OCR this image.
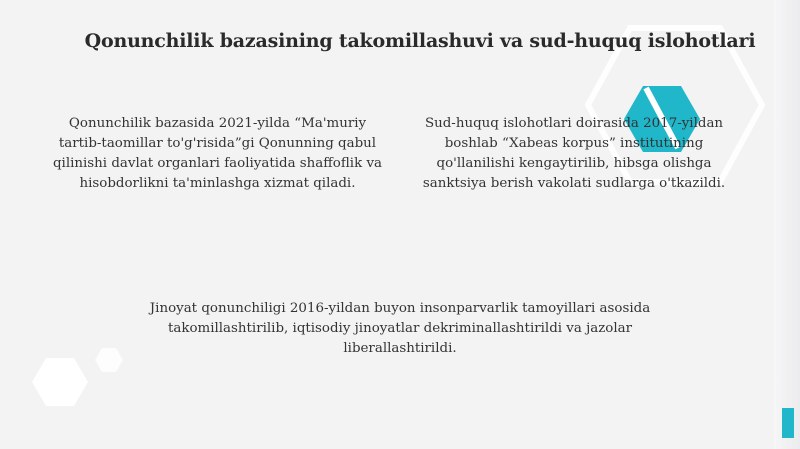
Qonunchilik bazasining takomillashuvi va sud-huquq islohotlari
Qonunchilik bazasida 2021-yilda “Ma'muriy tartib-taomillar to'g'risida”gi Qonunning qabul qilinishi davlat organlari faoliyatida shaffoflik va hisobdorlikni ta'minlashga xizmat qiladi.
Sud-huquq islohotlari doirasida 2017-yildan boshlab “Xabeas korpus” institutining qo'llanilishi kengaytirilib, hibsga olishga sanktsiya berish vakolati sudlarga o'tkazildi.
Jinoyat qonunchiligi 2016-yildan buyon insonparvarlik tamoyillari asosida takomillashtirilib, iqtisodiy jinoyatlar dekriminallashtirildi va jazolar liberallashtirildi.
